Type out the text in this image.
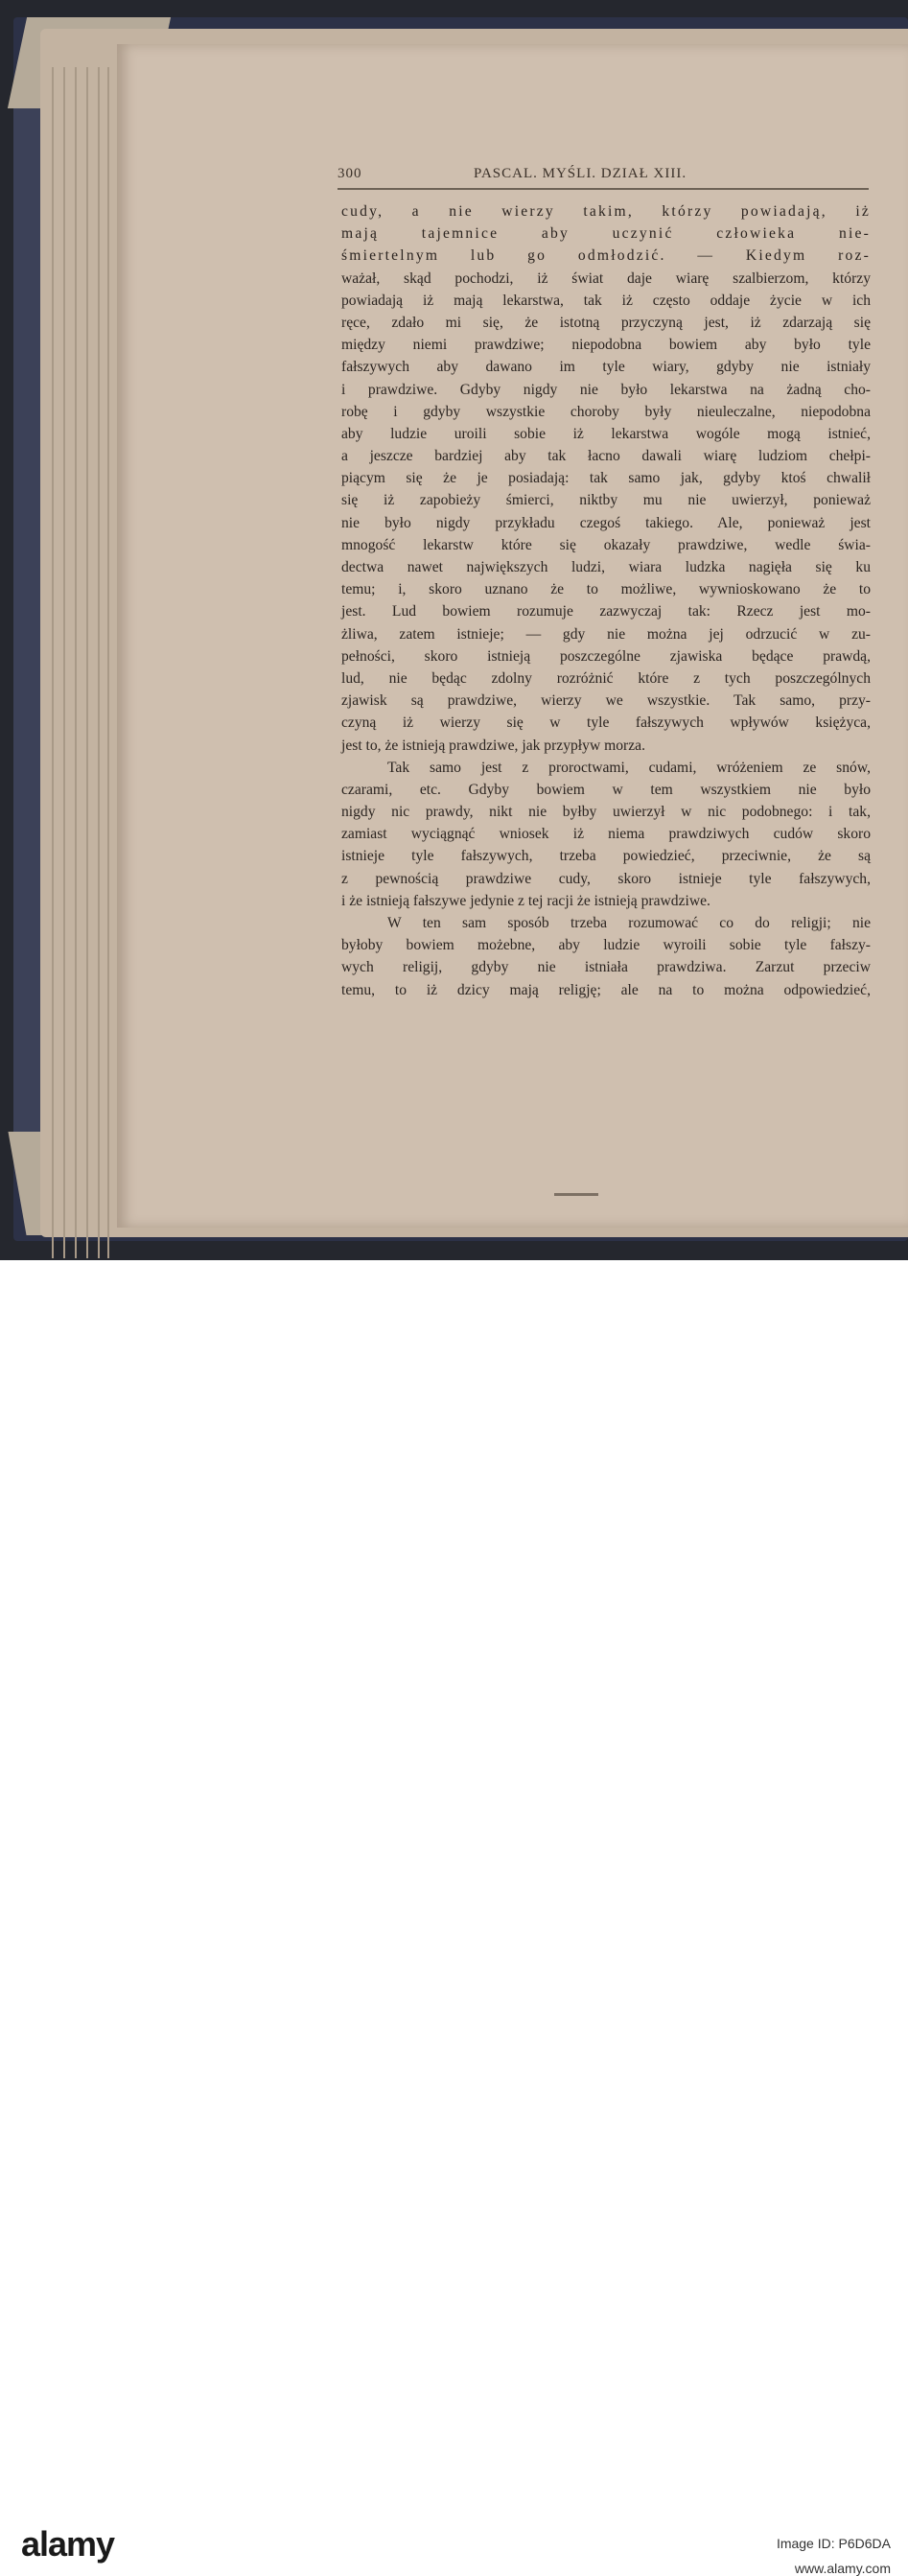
300	PASCAL. MYŚLI. DZIAŁ XIII.
cudy, a nie wierzy takim, którzy powiadają, iż
mają tajemnice aby uczynić człowieka nie-
śmiertelnym lub go odmłodzić. — Kiedym roz-
ważał, skąd pochodzi, iż świat daje wiarę szalbierzom, którzy
powiadają iż mają lekarstwa, tak iż często oddaje życie w ich
ręce, zdało mi się, że istotną przyczyną jest, iż zdarzają się
między niemi prawdziwe; niepodobna bowiem aby było tyle
fałszywych aby dawano im tyle wiary, gdyby nie istniały
i prawdziwe. Gdyby nigdy nie było lekarstwa na żadną cho-
robę i gdyby wszystkie choroby były nieuleczalne, niepodobna
aby ludzie uroili sobie iż lekarstwa wogóle mogą istnieć,
a jeszcze bardziej aby tak łacno dawali wiarę ludziom chełpi-
piącym się że je posiadają: tak samo jak, gdyby ktoś chwalił
się iż zapobieży śmierci, niktby mu nie uwierzył, ponieważ
nie było nigdy przykładu czegoś takiego. Ale, ponieważ jest
mnogość lekarstw które się okazały prawdziwe, wedle świa-
dectwa nawet największych ludzi, wiara ludzka nagięła się ku
temu; i, skoro uznano że to możliwe, wywnioskowano że to
jest. Lud bowiem rozumuje zazwyczaj tak: Rzecz jest mo-
żliwa, zatem istnieje; — gdy nie można jej odrzucić w zu-
pełności, skoro istnieją poszczególne zjawiska będące prawdą,
lud, nie będąc zdolny rozróżnić które z tych poszczególnych
zjawisk są prawdziwe, wierzy we wszystkie. Tak samo, przy-
czyną iż wierzy się w tyle fałszywych wpływów księżyca,
jest to, że istnieją prawdziwe, jak przypływ morza.
Tak samo jest z proroctwami, cudami, wróżeniem ze snów,
czarami, etc. Gdyby bowiem w tem wszystkiem nie było
nigdy nic prawdy, nikt nie byłby uwierzył w nic podobnego: i tak,
zamiast wyciągnąć wniosek iż niema prawdziwych cudów skoro
istnieje tyle fałszywych, trzeba powiedzieć, przeciwnie, że są
z pewnością prawdziwe cudy, skoro istnieje tyle fałszywych,
i że istnieją fałszywe jedynie z tej racji że istnieją prawdziwe.
W ten sam sposób trzeba rozumować co do religji; nie
byłoby bowiem możebne, aby ludzie wyroili sobie tyle fałszy-
wych religij, gdyby nie istniała prawdziwa. Zarzut przeciw
temu, to iż dzicy mają religję; ale na to można odpowiedzieć,
alamy	Image ID: P6D6DA
www.alamy.com
